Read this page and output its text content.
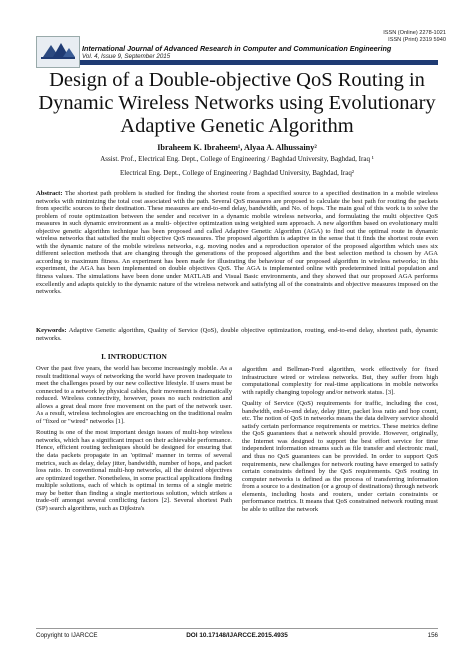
ISSN (Online) 2278-1021
ISSN (Print) 2319 5940
International Journal of Advanced Research in Computer and Communication Engineering
Vol. 4, Issue 9, September 2015
Design of a Double-objective QoS Routing in Dynamic Wireless Networks using Evolutionary Adaptive Genetic Algorithm
Ibraheem K. Ibraheem¹, Alyaa A. Alhussainy²
Assist. Prof., Electrical Eng. Dept., College of Engineering / Baghdad University, Baghdad, Iraq ¹
Electrical Eng. Dept., College of Engineering / Baghdad University, Baghdad, Iraq²
Abstract: The shortest path problem is studied for finding the shortest route from a specified source to a specified destination in a mobile wireless networks with minimizing the total cost associated with the path. Several QoS measures are proposed to calculate the best path for routing the packets from specific sources to their destination. These measures are end-to-end delay, bandwidth, and No. of hops. The main goal of this work is to solve the problem of route optimization between the sender and receiver in a dynamic mobile wireless networks, and formulating the multi objective QoS measures in such dynamic environment as a multi- objective optimization using weighted sum approach. A new algorithm based on evolutionary multi objective genetic algorithm technique has been proposed and called Adaptive Genetic Algorithm (AGA) to find out the optimal route in dynamic wireless networks that satisfied the multi objective QoS measures. The proposed algorithm is adaptive in the sense that it finds the shortest route even with the dynamic nature of the mobile wireless networks, e.g. moving nodes and a reproduction operator of the proposed algorithm which uses six different selection methods that are changing through the generations of the proposed algorithm and the best selection method is chosen by AGA according to maximum fitness. An experiment has been made for illustrating the behaviour of our proposed algorithm in wireless networks; in this experiment, the AGA has been implemented on double objectives QoS. The AGA is implemented online with predetermined initial population and fitness values. The simulations have been done under MATLAB and Visual Basic environments, and they showed that our proposed AGA performs excellently and adapts quickly to the dynamic nature of the wireless network and satisfying all of the constraints and objective measures imposed on the networks.
Keywords: Adaptive Genetic algorithm, Quality of Service (QoS), double objective optimization, routing, end-to-end delay, shortest path, dynamic networks.
I. INTRODUCTION

Over the past five years, the world has become increasingly mobile. As a result traditional ways of networking the world have proven inadequate to meet the challenges posed by our new collective lifestyle. If users must be connected to a network by physical cables, their movement is dramatically reduced. Wireless connectivity, however, poses no such restriction and allows a great deal more free movement on the part of the network user. As a result, wireless technologies are encroaching on the traditional realm of "fixed or "wired" networks [1].

Routing is one of the most important design issues of multi-hop wireless networks, which has a significant impact on their achievable performance. Hence, efficient routing techniques should be designed for ensuring that the data packets propagate in an 'optimal' manner in terms of several metrics, such as delay, delay jitter, bandwidth, number of hops, and packet loss ratio. In conventional multi-hop networks, all the desired objectives are optimized together. Nonetheless, in some practical applications finding multiple solutions, each of which is optimal in terms of a single metric may be better than finding a single meritorious solution, which strikes a trade-off amongst several conflicting factors [2]. Several shortest Path (SP) search algorithms, such as Dijkstra's

algorithm and Bellman-Ford algorithm, work effectively for fixed infrastructure wired or wireless networks. But, they suffer from high computational complexity for real-time applications in mobile networks with rapidly changing topology and/or network status. [3].

Quality of Service (QoS) requirements for traffic, including the cost, bandwidth, end-to-end delay, delay jitter, packet loss ratio and hop count, etc. The notion of QoS in networks means the data delivery service should satisfy certain performance requirements or metrics. These metrics define the QoS guarantees that a network should provide. However, originally, the Internet was designed to support the best effort service for time independent information streams such as file transfer and electronic mail, and thus no QoS guarantees can be provided. In order to support QoS requirements, new challenges for network routing have emerged to satisfy certain constraints defined by the QoS requirements. QoS routing in computer networks is defined as the process of transferring information from a source to a destination (or a group of destinations) through network elements, including hosts and routers, under certain constraints or performance metrics. It means that QoS constrained network routing must be able to utilize the network

Copyright to IJARCCE	DOI 10.17148/IJARCCE.2015.4935	156
